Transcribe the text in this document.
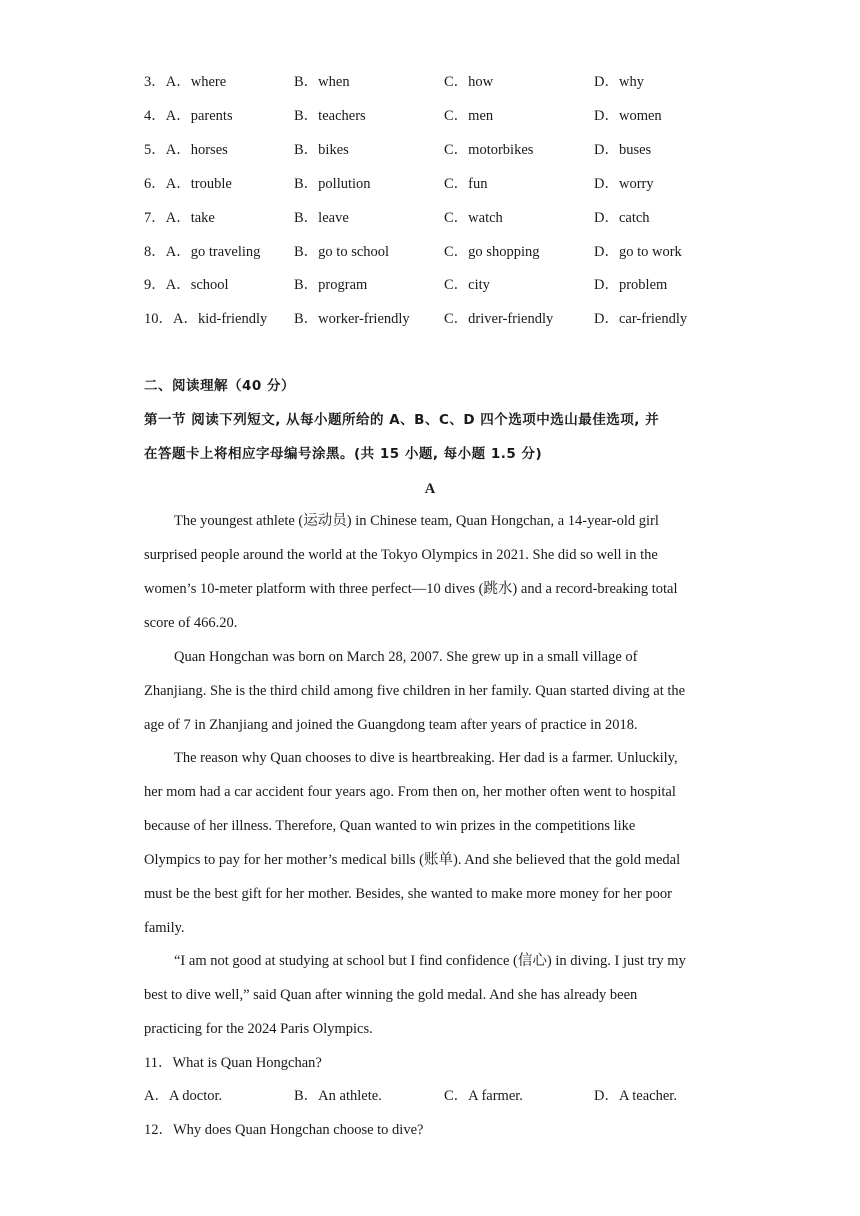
3．A．where	B．when	C．how	D．why
4．A．parents	B．teachers	C．men	D．women
5．A．horses	B．bikes	C．motorbikes	D．buses
6．A．trouble	B．pollution	C．fun	D．worry
7．A．take	B．leave	C．watch	D．catch
8．A．go traveling B．go to school	C．go shopping	D．go to work
9．A．school	B．program	C．city	D．problem
10．A．kid-friendly B．worker-friendly C．driver-friendly	D．car-friendly
二、阅读理解（40 分）
第一节 阅读下列短文, 从每小题所给的 A、B、C、D 四个选项中选山最佳选项, 并
在答题卡上将相应字母编号涂黑。(共 15 小题, 每小题 1.5 分)
A
The youngest athlete (运动员) in Chinese team, Quan Hongchan, a 14-year-old girl
surprised people around the world at the Tokyo Olympics in 2021. She did so well in the
women’s 10-meter platform with three perfect—10 dives (跳水) and a record-breaking total
score of 466.20.
Quan Hongchan was born on March 28, 2007. She grew up in a small village of
Zhanjiang. She is the third child among five children in her family. Quan started diving at the
age of 7 in Zhanjiang and joined the Guangdong team after years of practice in 2018.
The reason why Quan chooses to dive is heartbreaking. Her dad is a farmer. Unluckily,
her mom had a car accident four years ago. From then on, her mother often went to hospital
because of her illness. Therefore, Quan wanted to win prizes in the competitions like
Olympics to pay for her mother’s medical bills (账单). And she believed that the gold medal
must be the best gift for her mother. Besides, she wanted to make more money for her poor
family.
“I am not good at studying at school but I find confidence (信心) in diving. I just try my
best to dive well,” said Quan after winning the gold medal. And she has already been
practicing for the 2024 Paris Olympics.
11．What is Quan Hongchan?
A．A doctor.	B．An athlete.	C．A farmer.	D．A teacher.
12．Why does Quan Hongchan choose to dive?
